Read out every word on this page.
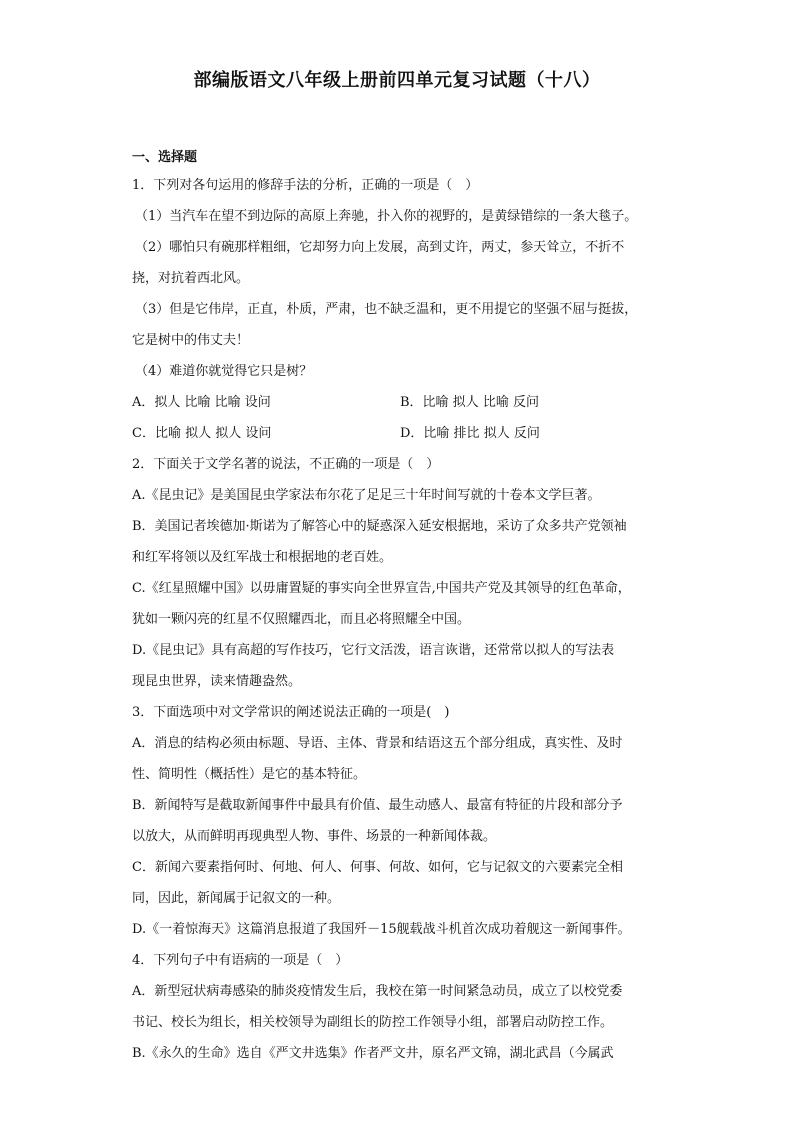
部编版语文八年级上册前四单元复习试题（十八）
一、选择题

1．下列对各句运用的修辞手法的分析，正确的一项是（　）

（1）当汽车在望不到边际的高原上奔驰，扑入你的视野的，是黄绿错综的一条大毯子。

（2）哪怕只有碗那样粗细，它却努力向上发展，高到丈许，两丈，参天耸立，不折不

挠，对抗着西北风。

（3）但是它伟岸，正直，朴质，严肃，也不缺乏温和，更不用提它的坚强不屈与挺拔，

它是树中的伟丈夫！

（4）难道你就觉得它只是树？

A．拟人 比喻 比喻 设问	B．比喻 拟人 比喻 反问

C．比喻 拟人 拟人 设问	D．比喻 排比 拟人 反问

2．下面关于文学名著的说法，不正确的一项是（　）

A.《昆虫记》是美国昆虫学家法布尔花了足足三十年时间写就的十卷本文学巨著。

B．美国记者埃德加·斯诺为了解答心中的疑惑深入延安根据地，采访了众多共产党领袖

和红军将领以及红军战士和根据地的老百姓。

C.《红星照耀中国》以毋庸置疑的事实向全世界宣告,中国共产党及其领导的红色革命，

犹如一颗闪亮的红星不仅照耀西北，而且必将照耀全中国。

D.《昆虫记》具有高超的写作技巧，它行文活泼，语言诙谐，还常常以拟人的写法表

现昆虫世界，读来情趣盎然。

3．下面选项中对文学常识的阐述说法正确的一项是(　)

A．消息的结构必须由标题、导语、主体、背景和结语这五个部分组成，真实性、及时

性、简明性（概括性）是它的基本特征。

B．新闻特写是截取新闻事件中最具有价值、最生动感人、最富有特征的片段和部分予

以放大，从而鲜明再现典型人物、事件、场景的一种新闻体裁。

C．新闻六要素指何时、何地、何人、何事、何故、如何，它与记叙文的六要素完全相

同，因此，新闻属于记叙文的一种。

D.《一着惊海天》这篇消息报道了我国歼－15舰载战斗机首次成功着舰这一新闻事件。

4．下列句子中有语病的一项是（　）

A．新型冠状病毒感染的肺炎疫情发生后，我校在第一时间紧急动员，成立了以校党委

书记、校长为组长，相关校领导为副组长的防控工作领导小组，部署启动防控工作。

B.《永久的生命》选自《严文井选集》作者严文井，原名严文锦，湖北武昌（今属武
